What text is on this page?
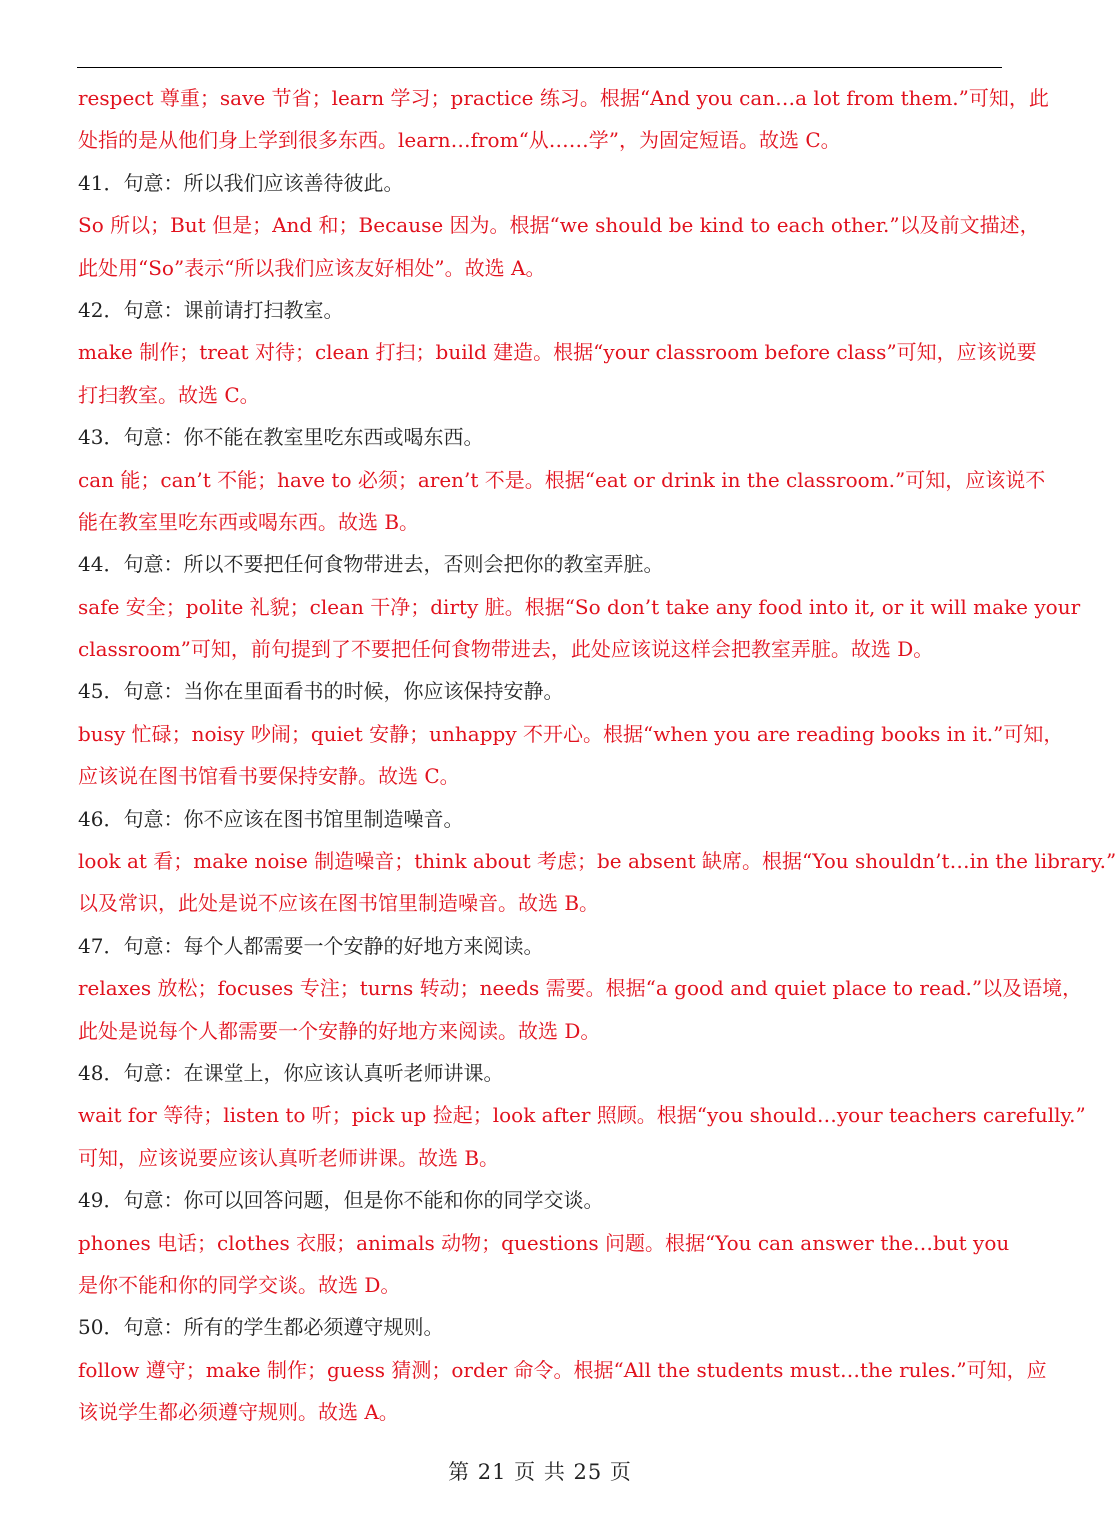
respect 尊重；save 节省；learn 学习；practice 练习。根据“And you can…a lot from them.”可知，此
处指的是从他们身上学到很多东西。learn…from“从……学”，为固定短语。故选 C。
41．句意：所以我们应该善待彼此。
So 所以；But 但是；And 和；Because 因为。根据“we should be kind to each other.”以及前文描述，
此处用“So”表示“所以我们应该友好相处”。故选 A。
42．句意：课前请打扫教室。
make 制作；treat 对待；clean 打扫；build 建造。根据“your classroom before class”可知，应该说要
打扫教室。故选 C。
43．句意：你不能在教室里吃东西或喝东西。
can 能；can’t 不能；have to 必须；aren’t 不是。根据“eat or drink in the classroom.”可知，应该说不
能在教室里吃东西或喝东西。故选 B。
44．句意：所以不要把任何食物带进去，否则会把你的教室弄脏。
safe 安全；polite 礼貌；clean 干净；dirty 脏。根据“So don’t take any food into it, or it will make your
classroom”可知，前句提到了不要把任何食物带进去，此处应该说这样会把教室弄脏。故选 D。
45．句意：当你在里面看书的时候，你应该保持安静。
busy 忙碌；noisy 吵闹；quiet 安静；unhappy 不开心。根据“when you are reading books in it.”可知，
应该说在图书馆看书要保持安静。故选 C。
46．句意：你不应该在图书馆里制造噪音。
look at 看；make noise 制造噪音；think about 考虑；be absent 缺席。根据“You shouldn’t…in the library.”
以及常识，此处是说不应该在图书馆里制造噪音。故选 B。
47．句意：每个人都需要一个安静的好地方来阅读。
relaxes 放松；focuses 专注；turns 转动；needs 需要。根据“a good and quiet place to read.”以及语境，
此处是说每个人都需要一个安静的好地方来阅读。故选 D。
48．句意：在课堂上，你应该认真听老师讲课。
wait for 等待；listen to 听；pick up 捡起；look after 照顾。根据“you should…your teachers carefully.”
可知，应该说要应该认真听老师讲课。故选 B。
49．句意：你可以回答问题，但是你不能和你的同学交谈。
phones 电话；clothes 衣服；animals 动物；questions 问题。根据“You can answer the…but you
是你不能和你的同学交谈。故选 D。
50．句意：所有的学生都必须遵守规则。
follow 遵守；make 制作；guess 猜测；order 命令。根据“All the students must…the rules.”可知，应
该说学生都必须遵守规则。故选 A。
第 21 页 共 25 页
